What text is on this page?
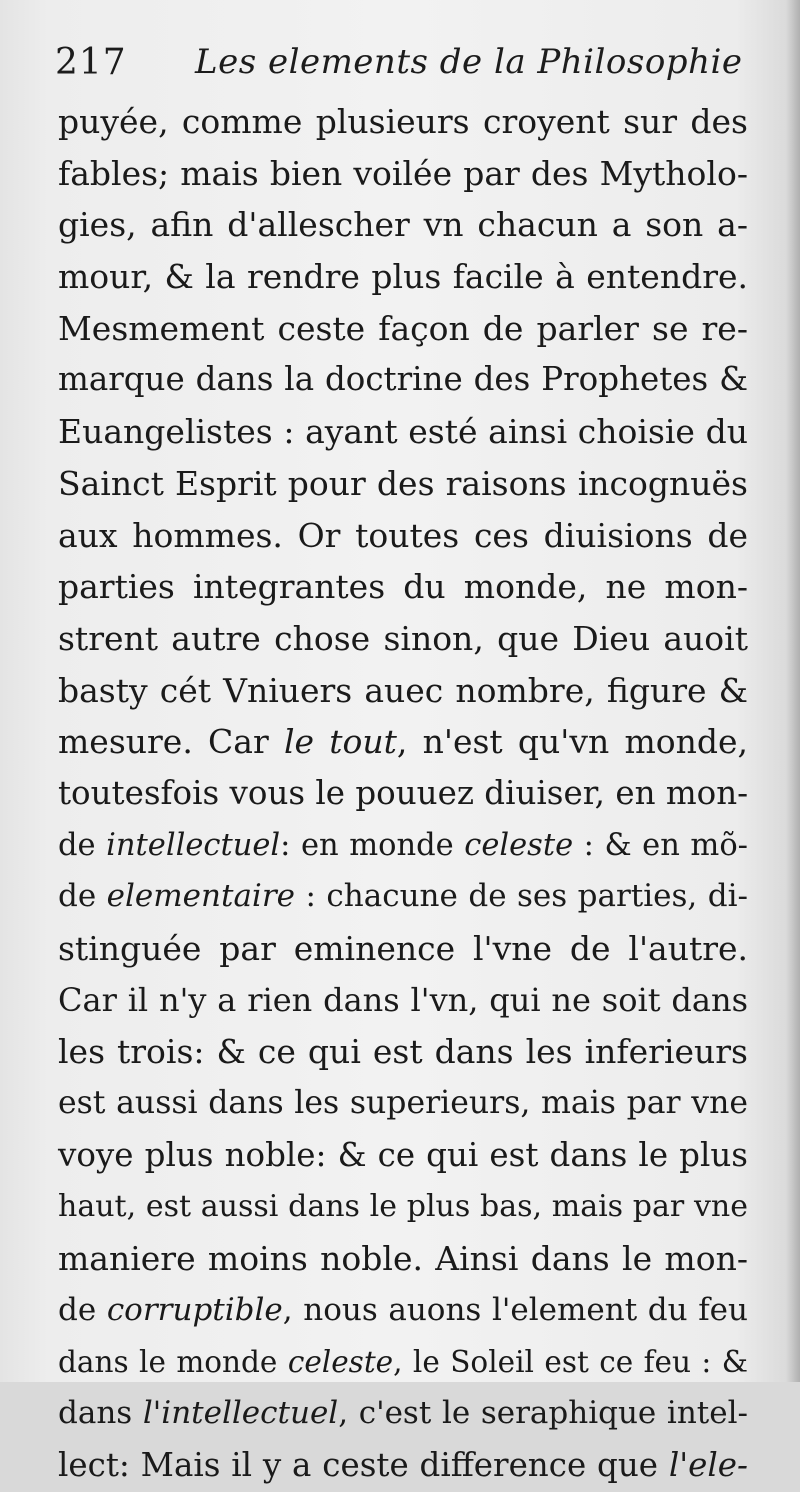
217 Les elements de la Philosophie
puyée, comme plusieurs croyent sur des
fables; mais bien voilée par des Mytholo-
gies, afin d'allescher vn chacun a son a-
mour, & la rendre plus facile à entendre.
Mesmement ceste façon de parler se re-
marque dans la doctrine des Prophetes &
Euangelistes : ayant esté ainsi choisie du
Sainct Esprit pour des raisons incognuës
aux hommes. Or toutes ces diuisions de
parties integrantes du monde, ne mon-
strent autre chose sinon, que Dieu auoit
basty cét Vniuers auec nombre, figure &
mesure. Car le tout, n'est qu'vn monde,
toutesfois vous le pouuez diuiser, en mon-
de intellectuel: en monde celeste : & en mõ-
de elementaire : chacune de ses parties, di-
stinguée par eminence l'vne de l'autre.
Car il n'y a rien dans l'vn, qui ne soit dans
les trois: & ce qui est dans les inferieurs
est aussi dans les superieurs, mais par vne
voye plus noble: & ce qui est dans le plus
haut, est aussi dans le plus bas, mais par vne
maniere moins noble. Ainsi dans le mon-
de corruptible, nous auons l'element du feu
dans le monde celeste, le Soleil est ce feu : &
dans l'intellectuel, c'est le seraphique intel-
lect: Mais il y a ceste difference que l'ele-
